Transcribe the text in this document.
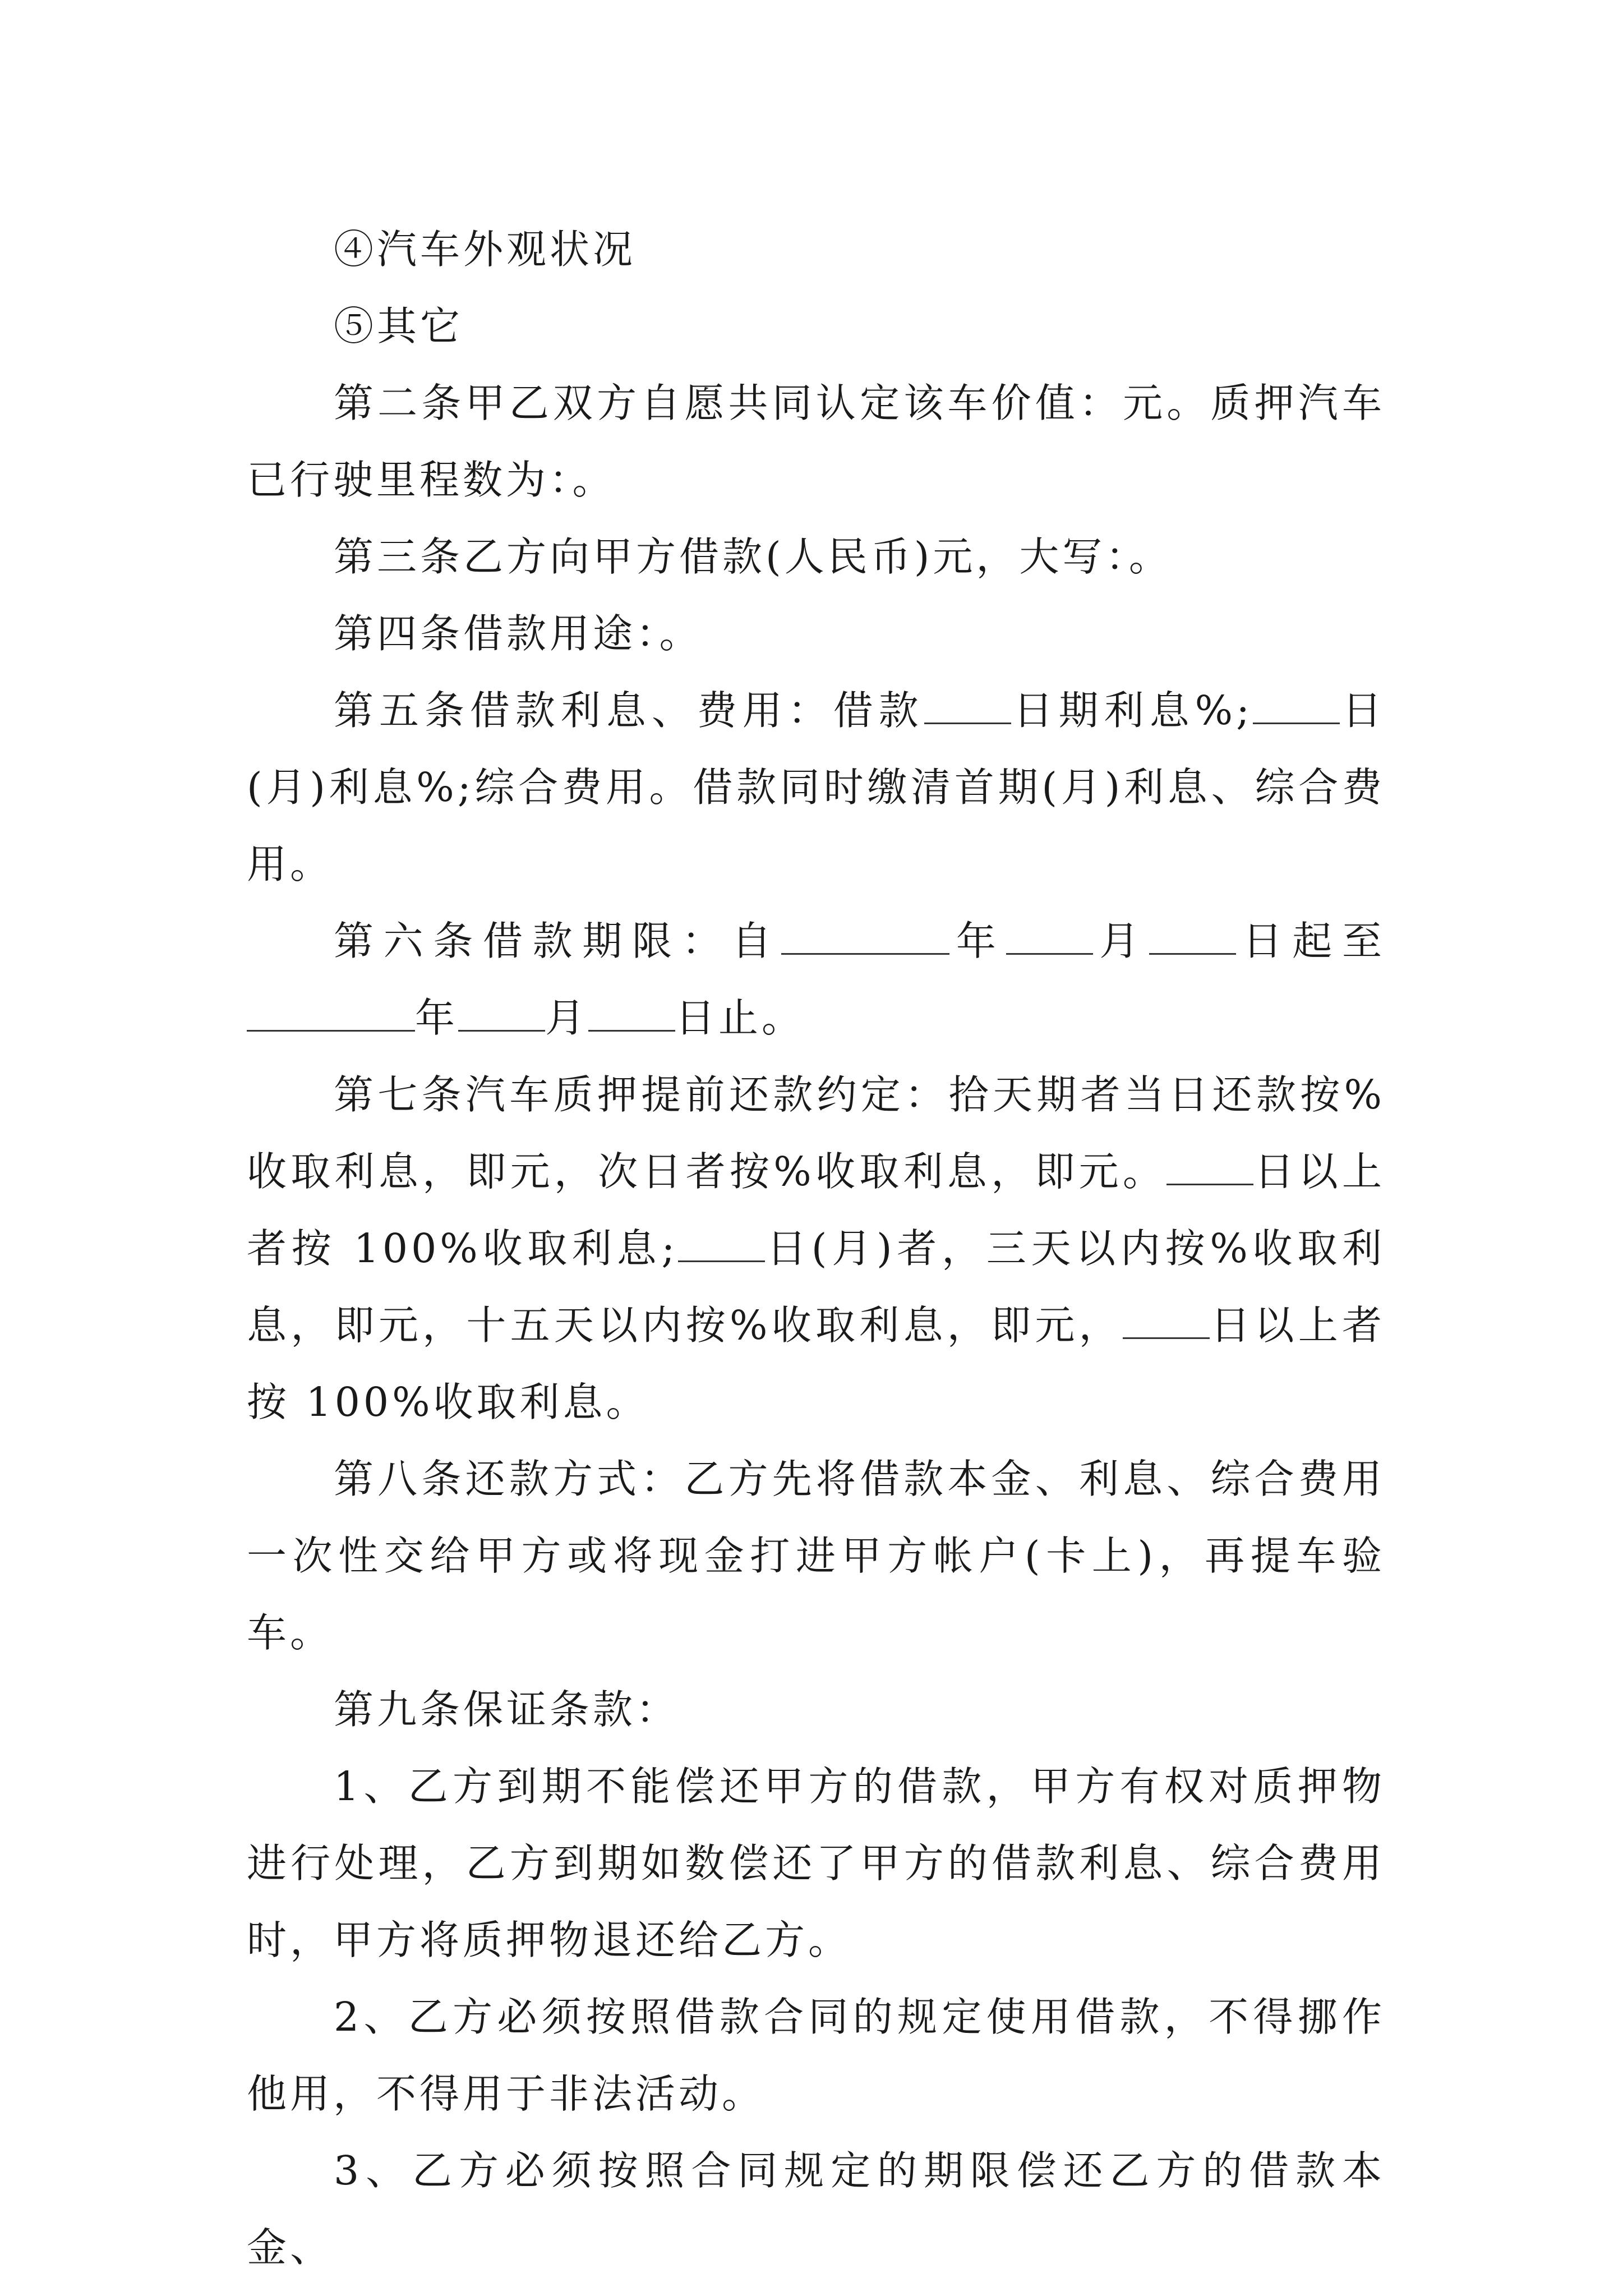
④汽车外观状况

⑤其它

第二条甲乙双方自愿共同认定该车价值：元。质押汽车已行驶里程数为：。

第三条乙方向甲方借款(人民币)元，大写：。

第四条借款用途：。

第五条借款利息、费用：借款 日期利息%; 日(月)利息%;综合费用。借款同时缴清首期(月)利息、综合费用。

第六条借款期限：自	年 月 日起至年 月 日止。

第七条汽车质押提前还款约定：拾天期者当日还款按%收取利息，即元，次日者按%收取利息，即元。 日以上者按 100%收取利息; 日(月)者，三天以内按%收取利息，即元，十五天以内按%收取利息，即元， 日以上者按 100%收取利息。

第八条还款方式：乙方先将借款本金、利息、综合费用一次性交给甲方或将现金打进甲方帐户(卡上)，再提车验车。

第九条保证条款：

1、乙方到期不能偿还甲方的借款，甲方有权对质押物进行处理，乙方到期如数偿还了甲方的借款利息、综合费用时，甲方将质押物退还给乙方。

2、乙方必须按照借款合同的规定使用借款，不得挪作他用，不得用于非法活动。

3、乙方必须按照合同规定的期限偿还乙方的借款本金、
